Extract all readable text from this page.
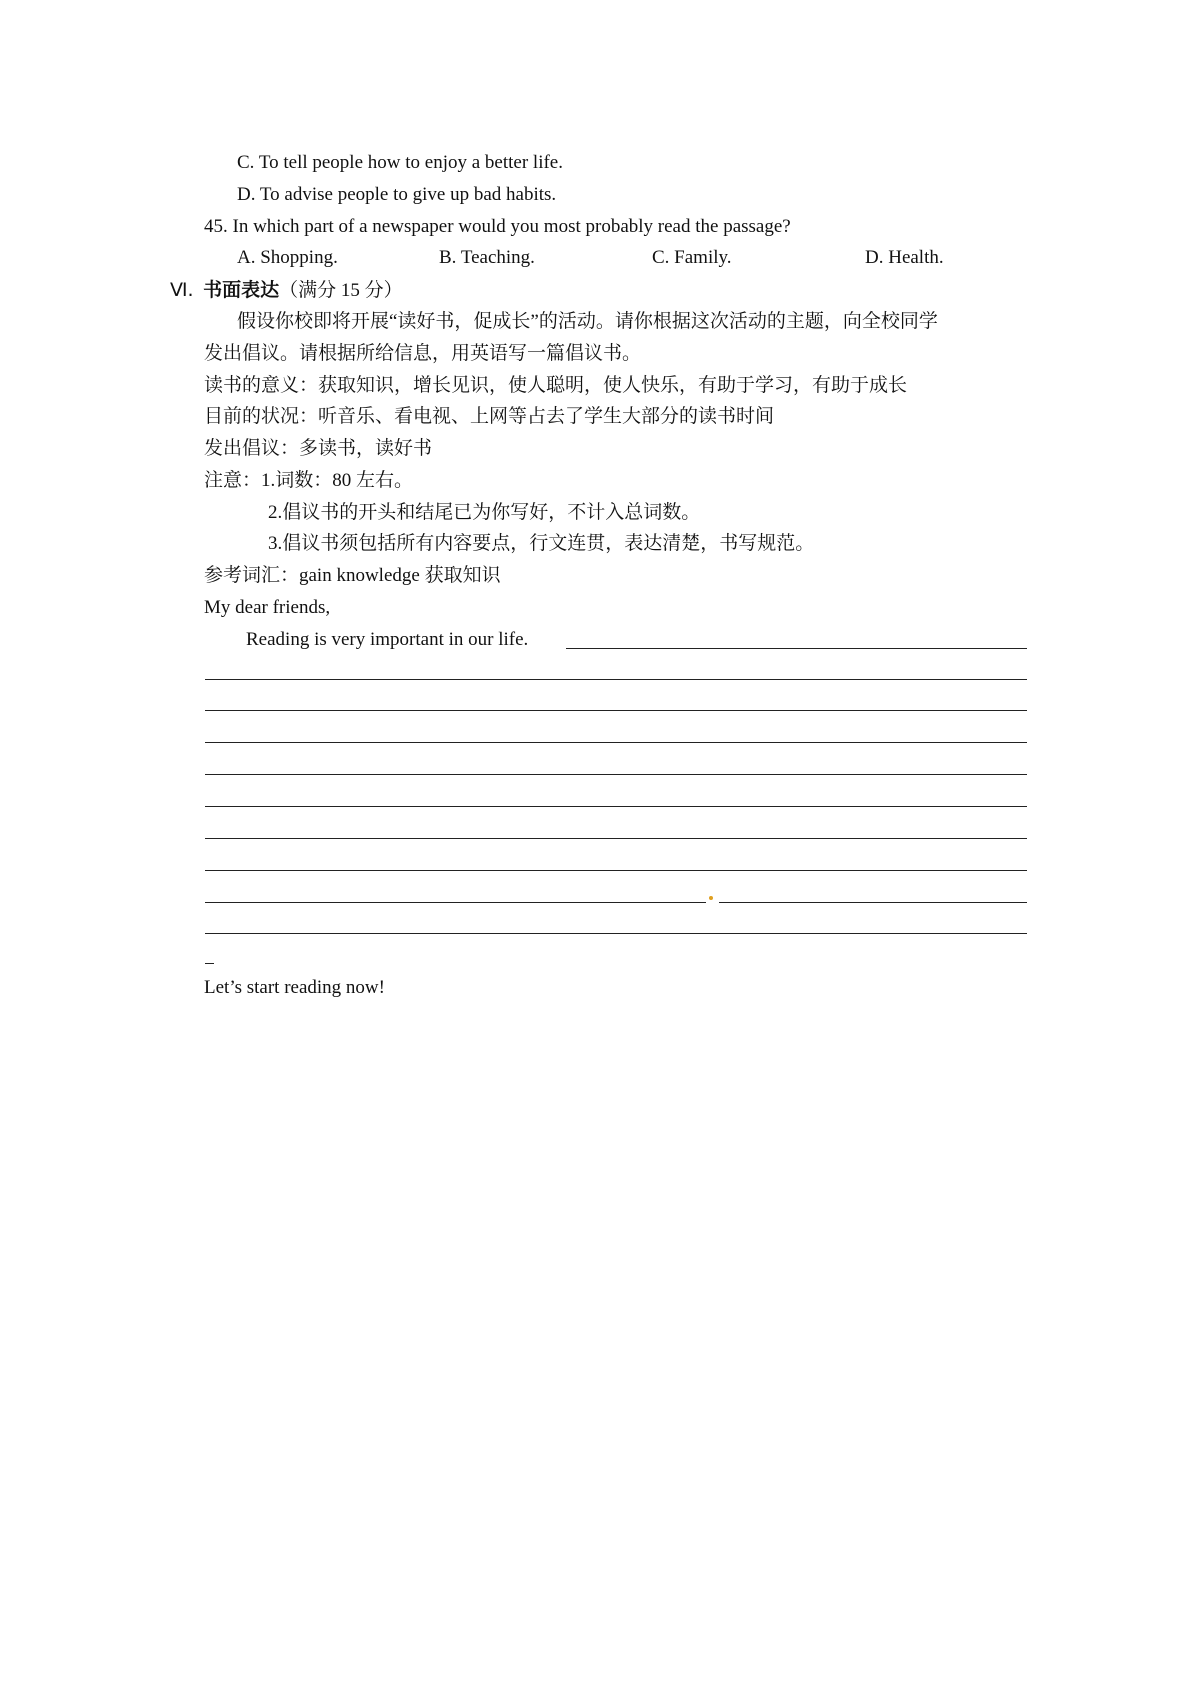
C. To tell people how to enjoy a better life.
D. To advise people to give up bad habits.
45. In which part of a newspaper would you most probably read the passage?
A. Shopping.	B. Teaching.	C. Family.	D. Health.
Ⅵ. 书面表达（满分 15 分）
假设你校即将开展“读好书，促成长”的活动。请你根据这次活动的主题，向全校同学
发出倡议。请根据所给信息，用英语写一篇倡议书。
读书的意义：获取知识，增长见识，使人聪明，使人快乐，有助于学习，有助于成长
目前的状况：听音乐、看电视、上网等占去了学生大部分的读书时间
发出倡议：多读书，读好书
注意：1.词数：80 左右。
2.倡议书的开头和结尾已为你写好，不计入总词数。
3.倡议书须包括所有内容要点，行文连贯，表达清楚，书写规范。
参考词汇：gain knowledge 获取知识
My dear friends,
Reading is very important in our life.
Let’s start reading now!
